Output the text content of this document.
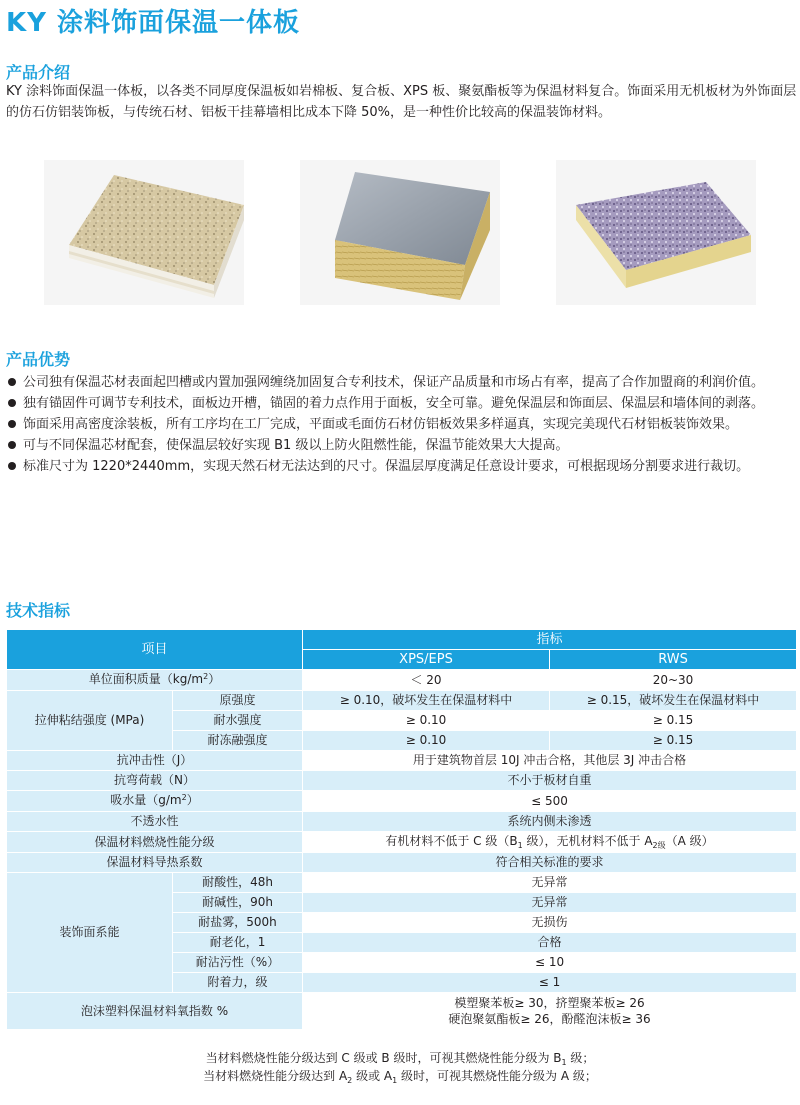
KY 涂料饰面保温一体板
产品介绍
KY 涂料饰面保温一体板，以各类不同厚度保温板如岩棉板、复合板、XPS 板、聚氨酯板等为保温材料复合。饰面采用无机板材为外饰面层的仿石仿铝装饰板，与传统石材、铝板干挂幕墙相比成本下降 50%，是一种性价比较高的保温装饰材料。
产品优势
公司独有保温芯材表面起凹槽或内置加强网缠绕加固复合专利技术，保证产品质量和市场占有率，提高了合作加盟商的利润价值。
独有锚固件可调节专利技术，面板边开槽，锚固的着力点作用于面板，安全可靠。避免保温层和饰面层、保温层和墙体间的剥落。
饰面采用高密度涂装板，所有工序均在工厂完成，平面或毛面仿石材仿铝板效果多样逼真，实现完美现代石材铝板装饰效果。
可与不同保温芯材配套，使保温层较好实现 B1 级以上防火阻燃性能，保温节能效果大大提高。
标准尺寸为 1220*2440mm，实现天然石材无法达到的尺寸。保温层厚度满足任意设计要求，可根据现场分割要求进行裁切。
技术指标
项目		指标	
		XPS/EPS	RWS
单位面积质量$(kg/m^2)$		＜ 20	20~30
拉伸粘结强度 (MPa)	原强度	≥ 0.10，破坏发生在保温材料中	≥ 0.15，破坏发生在保温材料中
	耐水强度	≥ 0.10	≥ 0.15
	耐冻融强度	≥ 0.10	≥ 0.15
抗冲击性（J）		用于建筑物首层 10J 冲击合格，其他层 3J 冲击合格	
抗弯荷载（N）		不小于板材自重	
吸水量$(g/m^2)$		≤ 500	
不透水性		系统内侧未渗透	
保温材料燃烧性能分级		有机材料不低于 C 级（$B_1$ 级），无机材料不低于 $A_{2级}(A$ 级）	
保温材料导热系数		符合相关标准的要求	
装饰面系能	耐酸性，48h	无异常	
	耐碱性，90h	无异常	
	耐盐雾，500h	无损伤	
	耐老化，1	合格	
	耐沾污性（%）	≤ 10	
	附着力，级	≤ 1	
泡沫塑料保温材料氧指数 %		模塑聚苯板≥ 30，挤塑聚苯板≥ 26
硬泡聚氨酯板≥ 26，酚醛泡沫板≥ 36	
当材料燃烧性能分级达到 C 级或 B 级时，可视其燃烧性能分级为 $B_1$ 级；
当材料燃烧性能分级达到 $A_2$ 级或 $A_1$ 级时，可视其燃烧性能分级为 A 级；
